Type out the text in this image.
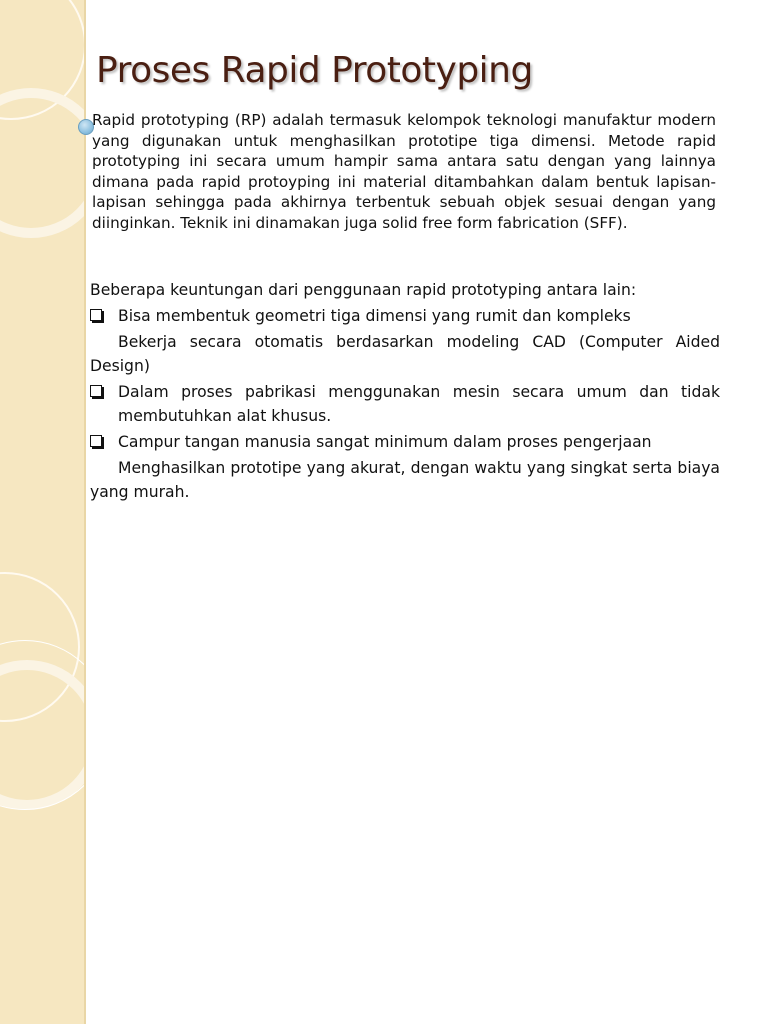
Proses Rapid Prototyping

Rapid prototyping (RP) adalah termasuk kelompok teknologi manufaktur modern yang digunakan untuk menghasilkan prototipe tiga dimensi. Metode rapid prototyping ini secara umum hampir sama antara satu dengan yang lainnya dimana pada rapid protoyping ini material ditambahkan dalam bentuk lapisan-lapisan sehingga pada akhirnya terbentuk sebuah objek sesuai dengan yang diinginkan. Teknik ini dinamakan juga solid free form fabrication (SFF).

Beberapa keuntungan dari penggunaan rapid prototyping antara lain:

Bisa membentuk geometri tiga dimensi yang rumit dan kompleks
Bekerja secara otomatis berdasarkan modeling CAD (Computer Aided Design)
Dalam proses pabrikasi menggunakan mesin secara umum dan tidak membutuhkan alat khusus.
Campur tangan manusia sangat minimum dalam proses pengerjaan
Menghasilkan prototipe yang akurat, dengan waktu yang singkat serta biaya yang murah.
